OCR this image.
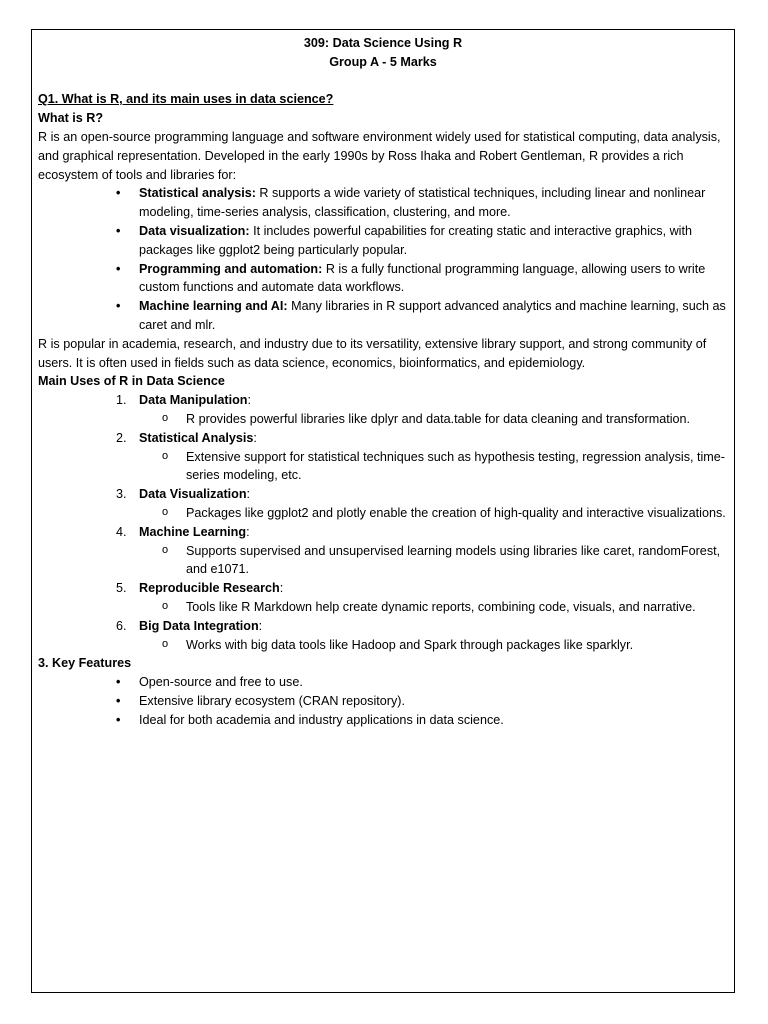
309: Data Science Using R

Group A - 5 Marks

Q1. What is R, and its main uses in data science?

What is R?

R is an open-source programming language and software environment widely used for statistical computing, data analysis, and graphical representation. Developed in the early 1990s by Ross Ihaka and Robert Gentleman, R provides a rich ecosystem of tools and libraries for:

• Statistical analysis: R supports a wide variety of statistical techniques, including linear and nonlinear modeling, time-series analysis, classification, clustering, and more.
• Data visualization: It includes powerful capabilities for creating static and interactive graphics, with packages like ggplot2 being particularly popular.
• Programming and automation: R is a fully functional programming language, allowing users to write custom functions and automate data workflows.
• Machine learning and AI: Many libraries in R support advanced analytics and machine learning, such as caret and mlr.

R is popular in academia, research, and industry due to its versatility, extensive library support, and strong community of users. It is often used in fields such as data science, economics, bioinformatics, and epidemiology.

Main Uses of R in Data Science

1. Data Manipulation:
o R provides powerful libraries like dplyr and data.table for data cleaning and transformation.
2. Statistical Analysis:
o Extensive support for statistical techniques such as hypothesis testing, regression analysis, time-series modeling, etc.
3. Data Visualization:
o Packages like ggplot2 and plotly enable the creation of high-quality and interactive visualizations.
4. Machine Learning:
o Supports supervised and unsupervised learning models using libraries like caret, randomForest, and e1071.
5. Reproducible Research:
o Tools like R Markdown help create dynamic reports, combining code, visuals, and narrative.
6. Big Data Integration:
o Works with big data tools like Hadoop and Spark through packages like sparklyr.

3. Key Features

• Open-source and free to use.
• Extensive library ecosystem (CRAN repository).
• Ideal for both academia and industry applications in data science.
